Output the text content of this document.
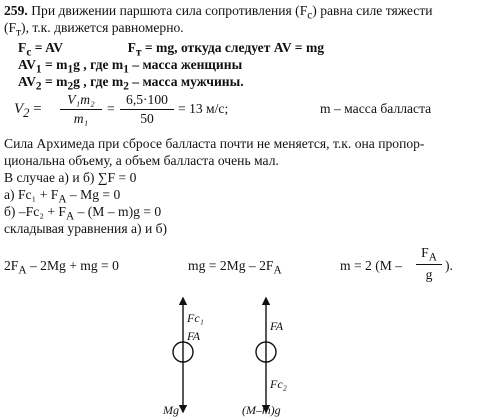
259. При движении паршюта сила сопротивления $(F_c)$ равна силе тяжести
$(F_т)$, т.к. движется равномерно.
$F_c$ = AV	$F_т$ = mg, откуда следует AV = mg
$AV_1 = m_1g$ , где $m_1$ – масса женщины
$AV_2 = m_2g$ , где $m_2$ – масса мужчины.
$V_2$ =
V₁m₂
m₁
=
6,5·100
50
= 13 м/с;	m – масса балласта
Сила Архимеда при сбросе балласта почти не меняется, т.к. она пропор-
циональна объему, а объем балласта очень мал.
В случае а) и б) ∑F = 0
а) $Fc_1 + F_A - Mg = 0$
б) $-Fc_2 + F_A - (M - m)g = 0$
складывая уравнения а) и б)
$2F_A - 2Mg$ + mg = 0	mg = $2Mg - 2F_A$	m = 2 (M –
$F_A$
g
).
Fc₁
FA
Mg
FA
Fc₂
(M–m)g
